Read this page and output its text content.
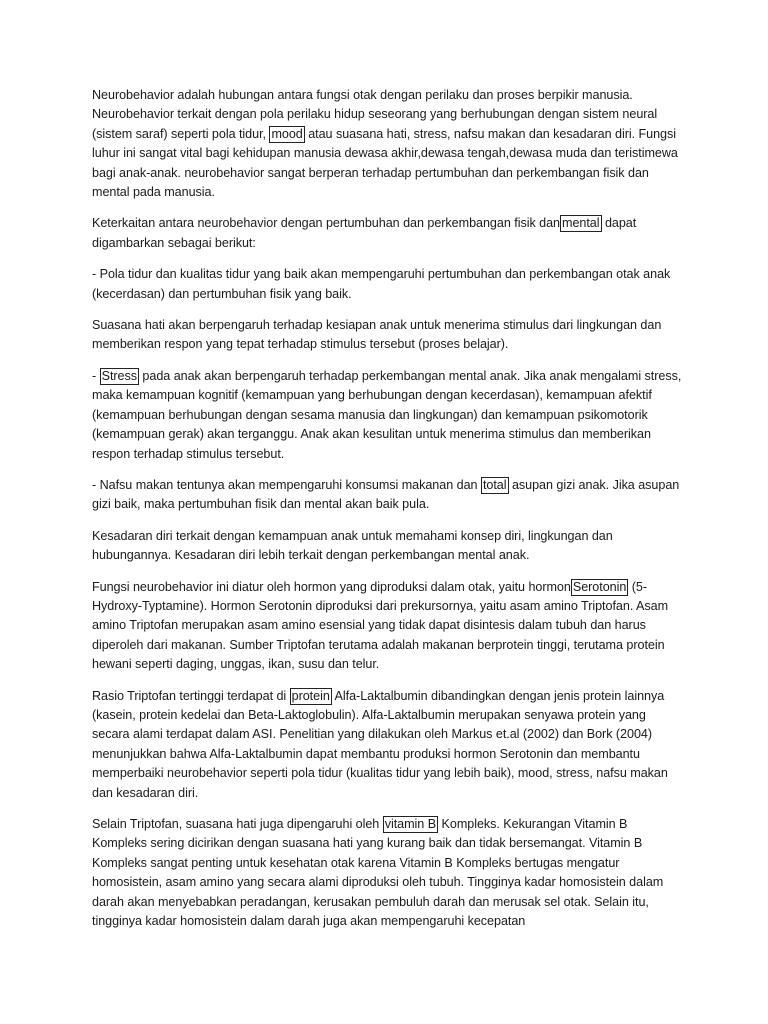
Neurobehavior adalah hubungan antara fungsi otak dengan perilaku dan proses berpikir manusia. Neurobehavior terkait dengan pola perilaku hidup seseorang yang berhubungan dengan sistem neural (sistem saraf) seperti pola tidur, mood atau suasana hati, stress, nafsu makan dan kesadaran diri. Fungsi luhur ini sangat vital bagi kehidupan manusia dewasa akhir,dewasa tengah,dewasa muda dan teristimewa bagi anak-anak. neurobehavior sangat berperan terhadap pertumbuhan dan perkembangan fisik dan mental pada manusia.

Keterkaitan antara neurobehavior dengan pertumbuhan dan perkembangan fisik dan mental dapat digambarkan sebagai berikut:

- Pola tidur dan kualitas tidur yang baik akan mempengaruhi pertumbuhan dan perkembangan otak anak (kecerdasan) dan pertumbuhan fisik yang baik.

Suasana hati akan berpengaruh terhadap kesiapan anak untuk menerima stimulus dari lingkungan dan memberikan respon yang tepat terhadap stimulus tersebut (proses belajar).

- Stress pada anak akan berpengaruh terhadap perkembangan mental anak. Jika anak mengalami stress, maka kemampuan kognitif (kemampuan yang berhubungan dengan kecerdasan), kemampuan afektif (kemampuan berhubungan dengan sesama manusia dan lingkungan) dan kemampuan psikomotorik (kemampuan gerak) akan terganggu. Anak akan kesulitan untuk menerima stimulus dan memberikan respon terhadap stimulus tersebut.

- Nafsu makan tentunya akan mempengaruhi konsumsi makanan dan total asupan gizi anak. Jika asupan gizi baik, maka pertumbuhan fisik dan mental akan baik pula.

Kesadaran diri terkait dengan kemampuan anak untuk memahami konsep diri, lingkungan dan hubungannya. Kesadaran diri lebih terkait dengan perkembangan mental anak.

Fungsi neurobehavior ini diatur oleh hormon yang diproduksi dalam otak, yaitu hormon Serotonin (5-Hydroxy-Typtamine). Hormon Serotonin diproduksi dari prekursornya, yaitu asam amino Triptofan. Asam amino Triptofan merupakan asam amino esensial yang tidak dapat disintesis dalam tubuh dan harus diperoleh dari makanan. Sumber Triptofan terutama adalah makanan berprotein tinggi, terutama protein hewani seperti daging, unggas, ikan, susu dan telur.

Rasio Triptofan tertinggi terdapat di protein Alfa-Laktalbumin dibandingkan dengan jenis protein lainnya (kasein, protein kedelai dan Beta-Laktoglobulin). Alfa-Laktalbumin merupakan senyawa protein yang secara alami terdapat dalam ASI. Penelitian yang dilakukan oleh Markus et.al (2002) dan Bork (2004) menunjukkan bahwa Alfa-Laktalbumin dapat membantu produksi hormon Serotonin dan membantu memperbaiki neurobehavior seperti pola tidur (kualitas tidur yang lebih baik), mood, stress, nafsu makan dan kesadaran diri.

Selain Triptofan, suasana hati juga dipengaruhi oleh vitamin B Kompleks. Kekurangan Vitamin B Kompleks sering dicirikan dengan suasana hati yang kurang baik dan tidak bersemangat. Vitamin B Kompleks sangat penting untuk kesehatan otak karena Vitamin B Kompleks bertugas mengatur homosistein, asam amino yang secara alami diproduksi oleh tubuh. Tingginya kadar homosistein dalam darah akan menyebabkan peradangan, kerusakan pembuluh darah dan merusak sel otak. Selain itu, tingginya kadar homosistein dalam darah juga akan mempengaruhi kecepatan
